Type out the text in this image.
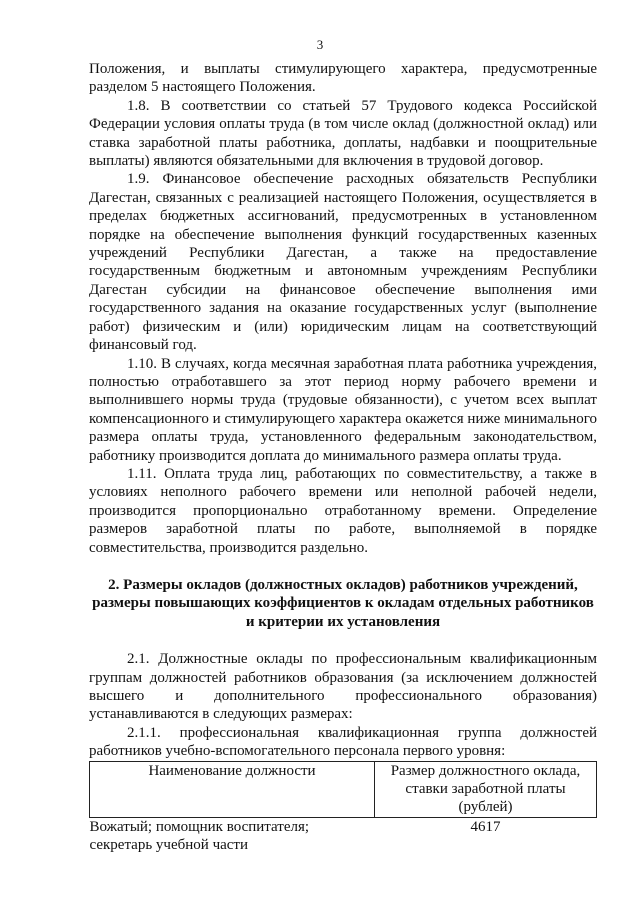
3

Положения, и выплаты стимулирующего характера, предусмотренные разделом 5 настоящего Положения.

1.8. В соответствии со статьей 57 Трудового кодекса Российской Федерации условия оплаты труда (в том числе оклад (должностной оклад) или ставка заработной платы работника, доплаты, надбавки и поощрительные выплаты) являются обязательными для включения в трудовой договор.

1.9. Финансовое обеспечение расходных обязательств Республики Дагестан, связанных с реализацией настоящего Положения, осуществляется в пределах бюджетных ассигнований, предусмотренных в установленном порядке на обеспечение выполнения функций государственных казенных учреждений Республики Дагестан, а также на предоставление государственным бюджетным и автономным учреждениям Республики Дагестан субсидии на финансовое обеспечение выполнения ими государственного задания на оказание государственных услуг (выполнение работ) физическим и (или) юридическим лицам на соответствующий финансовый год.

1.10. В случаях, когда месячная заработная плата работника учреждения, полностью отработавшего за этот период норму рабочего времени и выполнившего нормы труда (трудовые обязанности), с учетом всех выплат компенсационного и стимулирующего характера окажется ниже минимального размера оплаты труда, установленного федеральным законодательством, работнику производится доплата до минимального размера оплаты труда.

1.11. Оплата труда лиц, работающих по совместительству, а также в условиях неполного рабочего времени или неполной рабочей недели, производится пропорционально отработанному времени. Определение размеров заработной платы по работе, выполняемой в порядке совместительства, производится раздельно.

2. Размеры окладов (должностных окладов) работников учреждений,
размеры повышающих коэффициентов к окладам отдельных работников
и критерии их установления

2.1. Должностные оклады по профессиональным квалификационным группам должностей работников образования (за исключением должностей высшего и дополнительного профессионального образования) устанавливаются в следующих размерах:

2.1.1. профессиональная квалификационная группа должностей работников учебно-вспомогательного персонала первого уровня:

Наименование должности	Размер должностного оклада, ставки заработной платы (рублей)
Вожатый; помощник воспитателя; секретарь учебной части	4617
